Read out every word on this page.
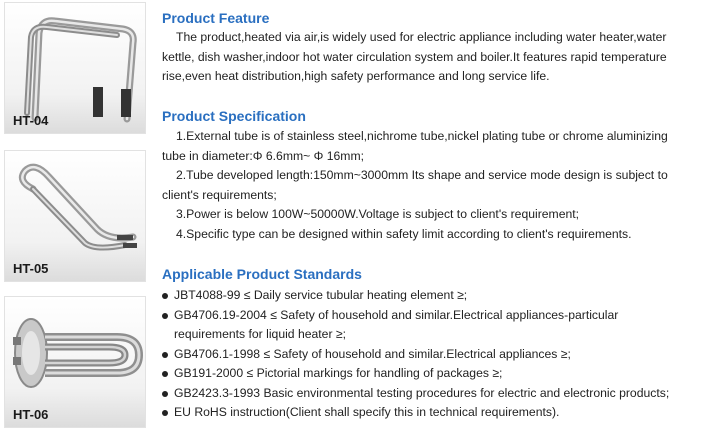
HT-04
HT-05
HT-06
Product Feature

The product,heated via air,is widely used for electric appliance including water heater,water kettle, dish washer,indoor hot water circulation system and boiler.It features rapid temperature rise,even heat distribution,high safety performance and long service life.

Product Specification

1.External tube is of stainless steel,nichrome tube,nickel plating tube or chrome aluminizing tube in diameter:Φ 6.6mm~ Φ 16mm;

2.Tube developed length:150mm~3000mm Its shape and service mode design is subject to client's requirements;

3.Power is below 100W~50000W.Voltage is subject to client's requirement;

4.Specific type can be designed within safety limit according to client's requirements.

Applicable Product Standards
JBT4088-99 ≤ Daily service tubular heating element ≥;
GB4706.19-2004 ≤ Safety of household and similar.Electrical appliances-particular requirements for liquid heater ≥;
GB4706.1-1998 ≤ Safety of household and similar.Electrical appliances ≥;
GB191-2000 ≤ Pictorial markings for handling of packages ≥;
GB2423.3-1993 Basic environmental testing procedures for electric and electronic products;
EU RoHS instruction(Client shall specify this in technical requirements).
